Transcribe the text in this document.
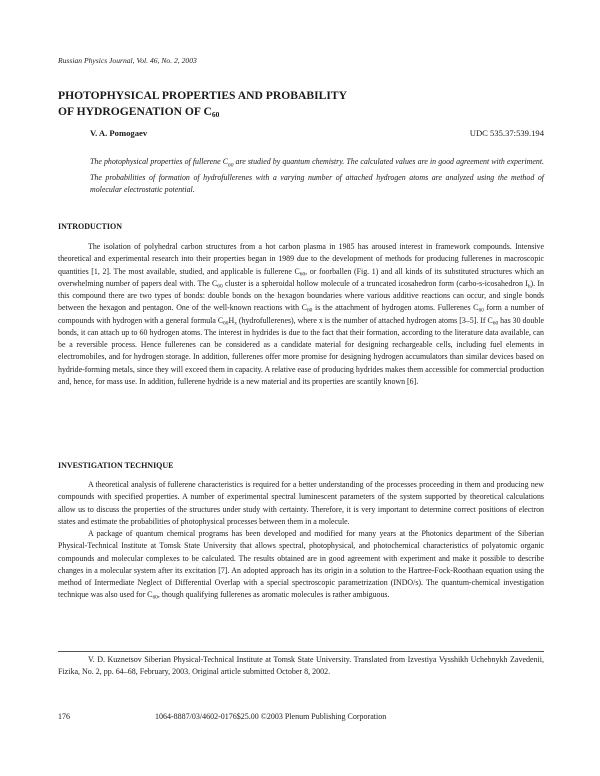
Russian Physics Journal, Vol. 46, No. 2, 2003
PHOTOPHYSICAL PROPERTIES AND PROBABILITY
OF HYDROGENATION OF $C_{60}$
V. A. Pomogaev	UDC 535.37:539.194
The photophysical properties of fullerene $C_{60}$ are studied by quantum chemistry. The calculated values are in good agreement with experiment. The probabilities of formation of hydrofullerenes with a varying number of attached hydrogen atoms are analyzed using the method of molecular electrostatic potential.
INTRODUCTION

The isolation of polyhedral carbon structures from a hot carbon plasma in 1985 has aroused interest in framework compounds. Intensive theoretical and experimental research into their properties began in 1989 due to the development of methods for producing fullerenes in macroscopic quantities [1, 2]. The most available, studied, and applicable is fullerene $C_{60}$, or foorballen (Fig. 1) and all kinds of its substituted structures which an overwhelming number of papers deal with. The $C_{60}$ cluster is a spheroidal hollow molecule of a truncated icosahedron form (carbo-s-icosahedron $I_h$). In this compound there are two types of bonds: double bonds on the hexagon boundaries where various additive reactions can occur, and single bonds between the hexagon and pentagon. One of the well-known reactions with $C_{60}$ is the attachment of hydrogen atoms. Fullerenes $C_{60}$ form a number of compounds with hydrogen with a general formula $C_{60}H_x$ (hydrofullerenes), where x is the number of attached hydrogen atoms [3–5]. If $C_{60}$ has 30 double bonds, it can attach up to 60 hydrogen atoms. The interest in hydrides is due to the fact that their formation, according to the literature data available, can be a reversible process. Hence fullerenes can be considered as a candidate material for designing rechargeable cells, including fuel elements in electromobiles, and for hydrogen storage. In addition, fullerenes offer more promise for designing hydrogen accumulators than similar devices based on hydride-forming metals, since they will exceed them in capacity. A relative ease of producing hydrides makes them accessible for commercial production and, hence, for mass use. In addition, fullerene hydride is a new material and its properties are scantily known [6].

INVESTIGATION TECHNIQUE

A theoretical analysis of fullerene characteristics is required for a better understanding of the processes proceeding in them and producing new compounds with specified properties. A number of experimental spectral luminescent parameters of the system supported by theoretical calculations allow us to discuss the properties of the structures under study with certainty. Therefore, it is very important to determine correct positions of electron states and estimate the probabilities of photophysical processes between them in a molecule.

A package of quantum chemical programs has been developed and modified for many years at the Photonics department of the Siberian Physical-Technical Institute at Tomsk State University that allows spectral, photophysical, and photochemical characteristics of polyatomic organic compounds and molecular complexes to be calculated. The results obtained are in good agreement with experiment and make it possible to describe changes in a molecular system after its excitation [7]. An adopted approach has its origin in a solution to the Hartree-Fock-Roothaan equation using the method of Intermediate Neglect of Differential Overlap with a special spectroscopic parametrization (INDO/s). The quantum-chemical investigation technique was also used for $C_{60}$, though qualifying fullerenes as aromatic molecules is rather ambiguous.

V. D. Kuznetsov Siberian Physical-Technical Institute at Tomsk State University. Translated from Izvestiya Vysshikh Uchebnykh Zavedenii, Fizika, No. 2, pp. 64–68, February, 2003. Original article submitted October 8, 2002.
176	1064-8887/03/4602-0176$25.00 ©2003 Plenum Publishing Corporation
